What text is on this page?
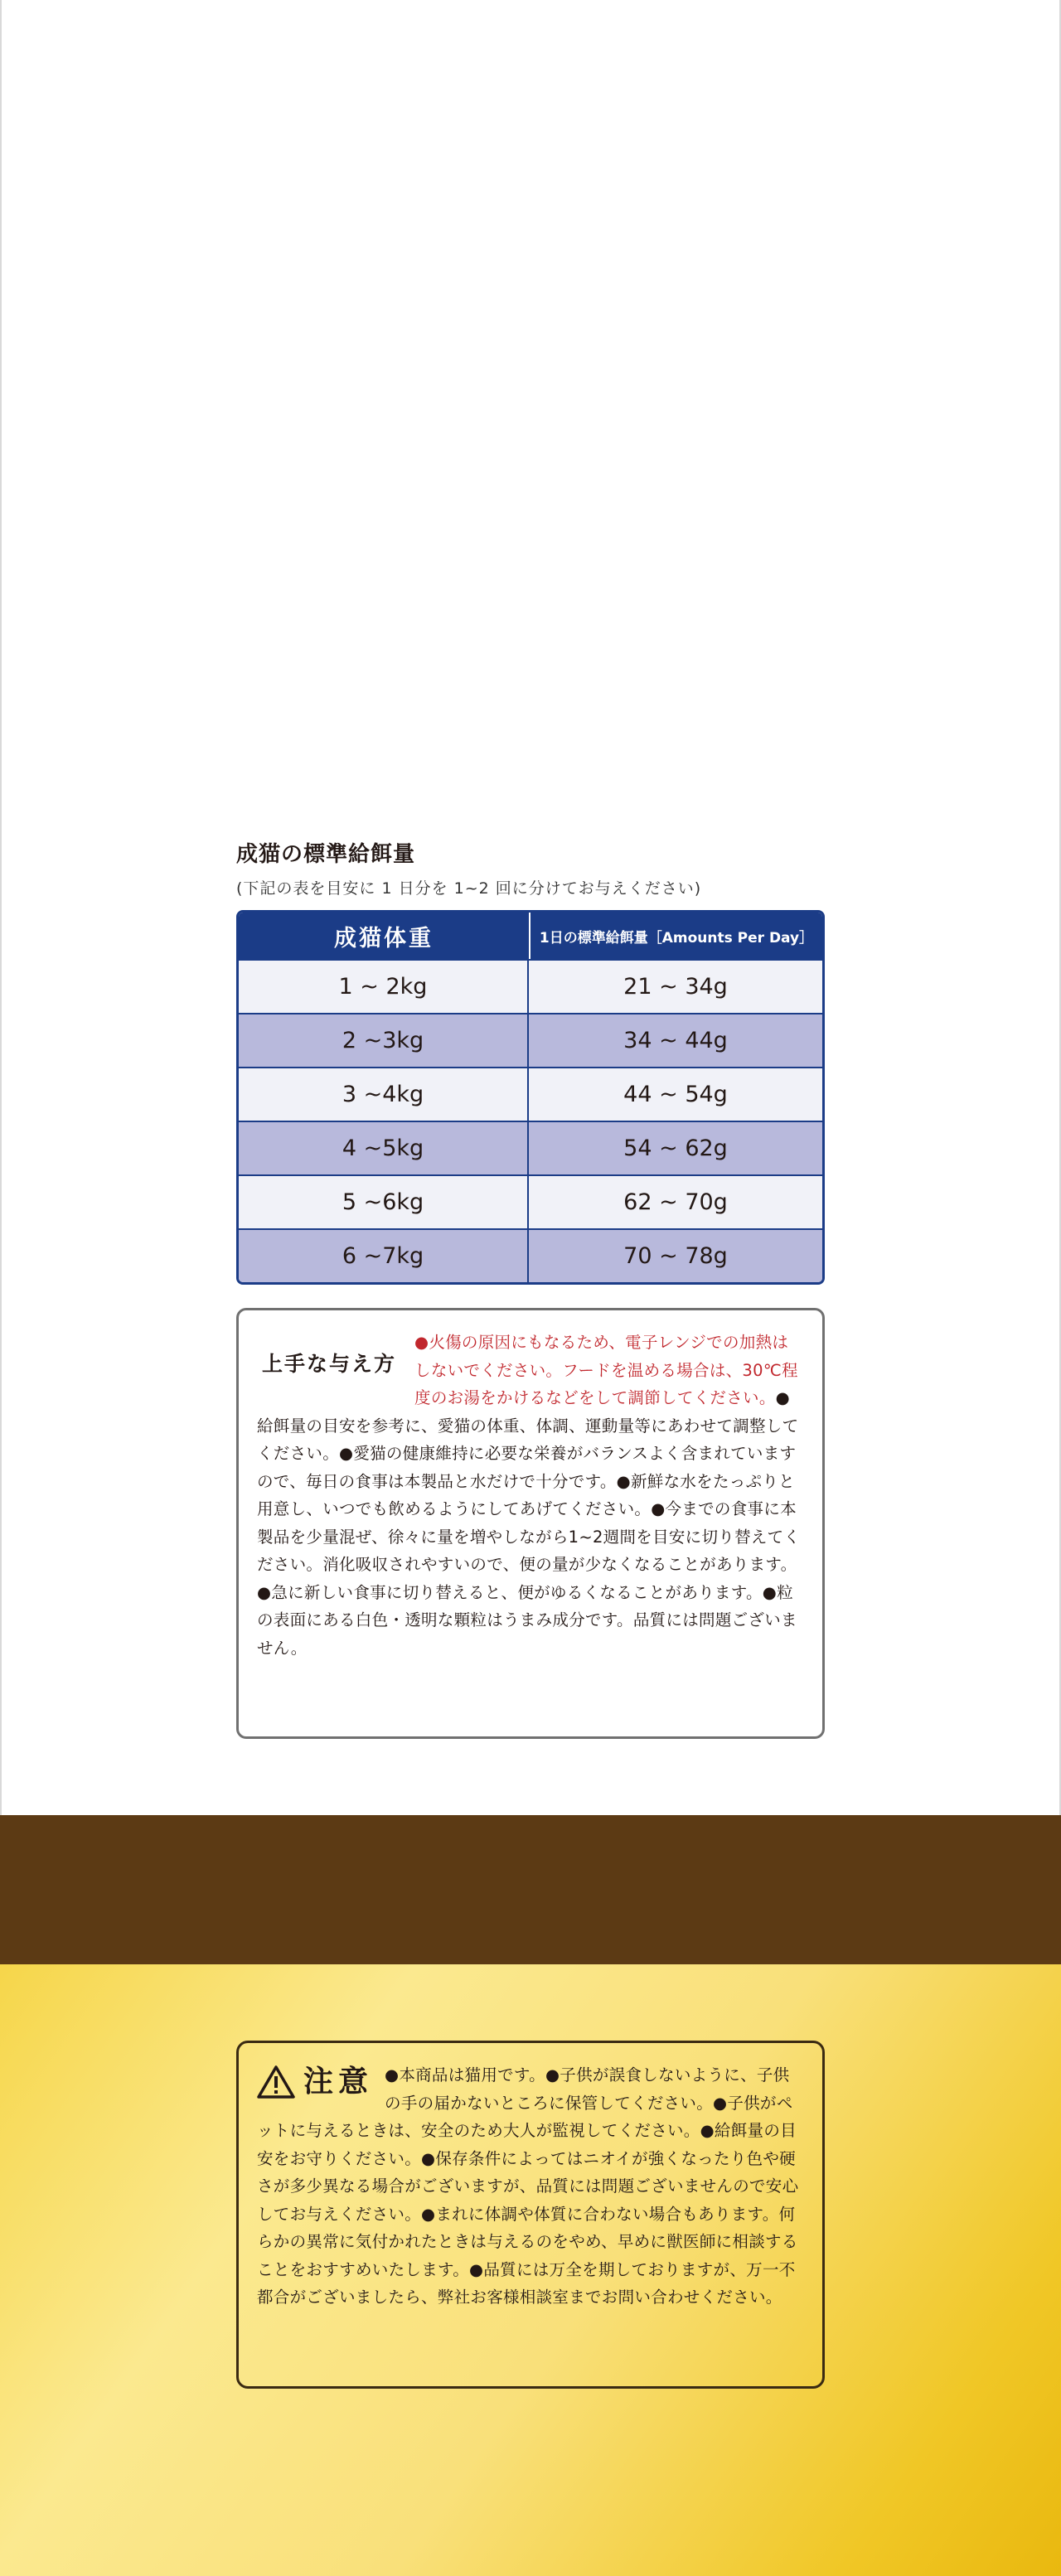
成猫の標準給餌量

(下記の表を目安に 1 日分を 1~2 回に分けてお与えください)

成猫体重	1日の標準給餌量［Amounts Per Day］
1 ~ 2kg	21 ~ 34g
2 ~3kg	34 ~ 44g
3 ~4kg	44 ~ 54g
4 ~5kg	54 ~ 62g
5 ~6kg	62 ~ 70g
6 ~7kg	70 ~ 78g
上手な与え方
●火傷の原因にもなるため、電子レンジでの加熱はしないでください。フードを温める場合は、30℃程度のお湯をかけるなどをして調節してください。●給餌量の目安を参考に、愛猫の体重、体調、運動量等にあわせて調整してください。●愛猫の健康維持に必要な栄養がバランスよく含まれていますので、毎日の食事は本製品と水だけで十分です。●新鮮な水をたっぷりと用意し、いつでも飲めるようにしてあげてください。●今までの食事に本製品を少量混ぜ、徐々に量を増やしながら1~2週間を目安に切り替えてください。消化吸収されやすいので、便の量が少なくなることがあります。●急に新しい食事に切り替えると、便がゆるくなることがあります。●粒の表面にある白色・透明な顆粒はうまみ成分です。品質には問題ございません。
注意 ●本商品は猫用です。●子供が誤食しないように、子供の手の届かないところに保管してください。●子供がペットに与えるときは、安全のため大人が監視してください。●給餌量の目安をお守りください。●保存条件によってはニオイが強くなったり色や硬さが多少異なる場合がございますが、品質には問題ございませんので安心してお与えください。●まれに体調や体質に合わない場合もあります。何らかの異常に気付かれたときは与えるのをやめ、早めに獣医師に相談することをおすすめいたします。●品質には万全を期しておりますが、万一不都合がございましたら、弊社お客様相談室までお問い合わせください。
